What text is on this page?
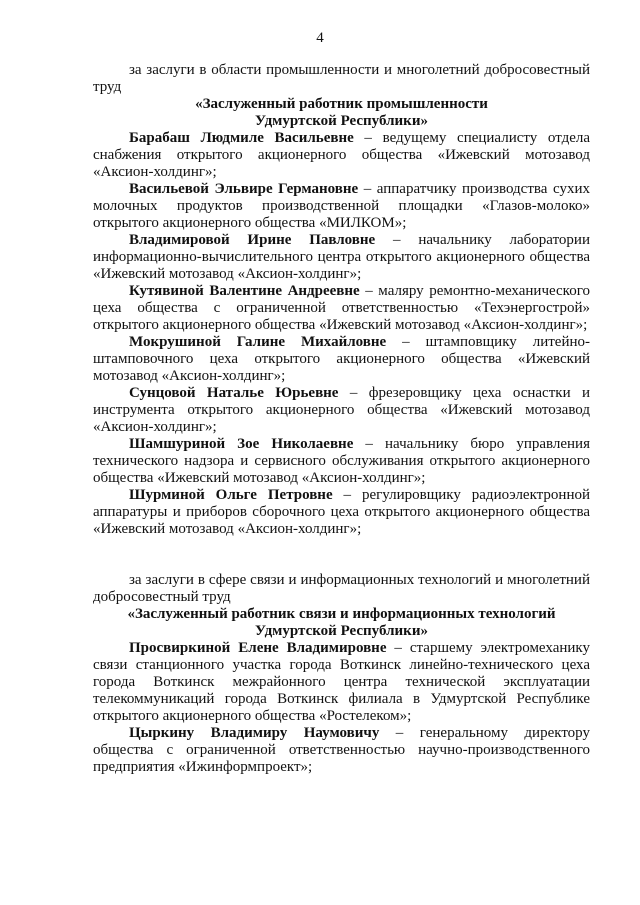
4

за заслуги в области промышленности и многолетний добросовестный труд

«Заслуженный работник промышленности
Удмуртской Республики»

Барабаш Людмиле Васильевне – ведущему специалисту отдела снабжения открытого акционерного общества «Ижевский мотозавод «Аксион-холдинг»;

Васильевой Эльвире Германовне – аппаратчику производства сухих молочных продуктов производственной площадки «Глазов-молоко» открытого акционерного общества «МИЛКОМ»;

Владимировой Ирине Павловне – начальнику лаборатории информационно-вычислительного центра открытого акционерного общества «Ижевский мотозавод «Аксион-холдинг»;

Кутявиной Валентине Андреевне – маляру ремонтно-механического цеха общества с ограниченной ответственностью «Техэнергострой» открытого акционерного общества «Ижевский мотозавод «Аксион-холдинг»;

Мокрушиной Галине Михайловне – штамповщику литейно-штамповочного цеха открытого акционерного общества «Ижевский мотозавод «Аксион-холдинг»;

Сунцовой Наталье Юрьевне – фрезеровщику цеха оснастки и инструмента открытого акционерного общества «Ижевский мотозавод «Аксион-холдинг»;

Шамшуриной Зое Николаевне – начальнику бюро управления технического надзора и сервисного обслуживания открытого акционерного общества «Ижевский мотозавод «Аксион-холдинг»;

Шурминой Ольге Петровне – регулировщику радиоэлектронной аппаратуры и приборов сборочного цеха открытого акционерного общества «Ижевский мотозавод «Аксион-холдинг»;

за заслуги в сфере связи и информационных технологий и многолетний добросовестный труд

«Заслуженный работник связи и информационных технологий
Удмуртской Республики»

Просвиркиной Елене Владимировне – старшему электромеханику связи станционного участка города Воткинск линейно-технического цеха города Воткинск межрайонного центра технической эксплуатации телекоммуникаций города Воткинск филиала в Удмуртской Республике открытого акционерного общества «Ростелеком»;

Цыркину Владимиру Наумовичу – генеральному директору общества с ограниченной ответственностью научно-производственного предприятия «Ижинформпроект»;
